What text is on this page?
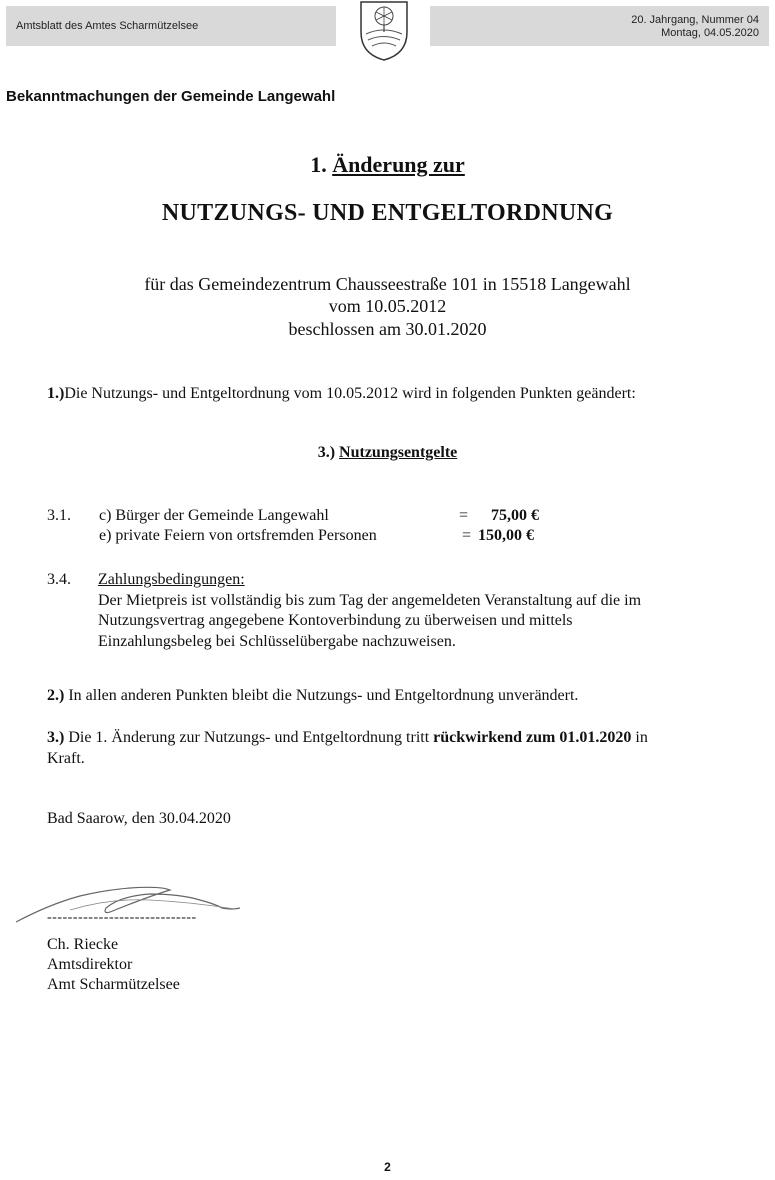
Amtsblatt des Amtes Scharmützelsee	20. Jahrgang, Nummer 04
Montag, 04.05.2020
Bekanntmachungen der Gemeinde Langewahl
1. Änderung zur
NUTZUNGS- UND ENTGELTORDNUNG
für das Gemeindezentrum Chausseestraße 101 in 15518 Langewahl
vom 10.05.2012
beschlossen am 30.01.2020
1.)Die Nutzungs- und Entgeltordnung vom 10.05.2012 wird in folgenden Punkten geändert:
3.) Nutzungsentgelte
3.1. c) Bürger der Gemeinde Langewahl	= 75,00 €
e) private Feiern von ortsfremden Personen	= 150,00 €
3.4. Zahlungsbedingungen:
Der Mietpreis ist vollständig bis zum Tag der angemeldeten Veranstaltung auf die im
Nutzungsvertrag angegebene Kontoverbindung zu überweisen und mittels
Einzahlungsbeleg bei Schlüsselübergabe nachzuweisen.
2.) In allen anderen Punkten bleibt die Nutzungs- und Entgeltordnung unverändert.
3.) Die 1. Änderung zur Nutzungs- und Entgeltordnung tritt rückwirkend zum 01.01.2020 in
Kraft.
Bad Saarow, den 30.04.2020
-----------------------------
Ch. Riecke
Amtsdirektor
Amt Scharmützelsee
2
